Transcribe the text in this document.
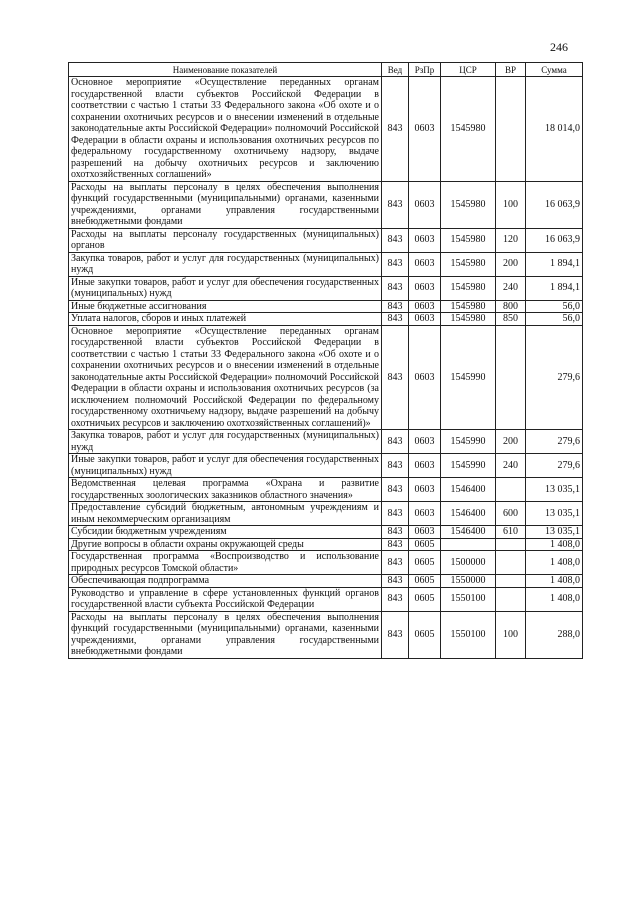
246
Наименование показателей	Вед	РзПр	ЦСР	ВР	Сумма
Основное мероприятие «Осуществление переданных органам государственной власти субъектов Российской Федерации в соответствии с частью 1 статьи 33 Федерального закона «Об охоте и о сохранении охотничьих ресурсов и о внесении изменений в отдельные законодательные акты Российской Федерации» полномочий Российской Федерации в области охраны и использования охотничьих ресурсов по федеральному государственному охотничьему надзору, выдаче разрешений на добычу охотничьих ресурсов и заключению охотхозяйственных соглашений»	843	0603	1545980		18 014,0
Расходы на выплаты персоналу в целях обеспечения выполнения функций государственными (муниципальными) органами, казенными учреждениями, органами управления государственными внебюджетными фондами	843	0603	1545980	100	16 063,9
Расходы на выплаты персоналу государственных (муниципальных) органов	843	0603	1545980	120	16 063,9
Закупка товаров, работ и услуг для государственных (муниципальных) нужд	843	0603	1545980	200	1 894,1
Иные закупки товаров, работ и услуг для обеспечения государственных (муниципальных) нужд	843	0603	1545980	240	1 894,1
Иные бюджетные ассигнования	843	0603	1545980	800	56,0
Уплата налогов, сборов и иных платежей	843	0603	1545980	850	56,0
Основное мероприятие «Осуществление переданных органам государственной власти субъектов Российской Федерации в соответствии с частью 1 статьи 33 Федерального закона «Об охоте и о сохранении охотничьих ресурсов и о внесении изменений в отдельные законодательные акты Российской Федерации» полномочий Российской Федерации в области охраны и использования охотничьих ресурсов (за исключением полномочий Российской Федерации по федеральному государственному охотничьему надзору, выдаче разрешений на добычу охотничьих ресурсов и заключению охотхозяйственных соглашений)»	843	0603	1545990		279,6
Закупка товаров, работ и услуг для государственных (муниципальных) нужд	843	0603	1545990	200	279,6
Иные закупки товаров, работ и услуг для обеспечения государственных (муниципальных) нужд	843	0603	1545990	240	279,6
Ведомственная целевая программа «Охрана и развитие государственных зоологических заказников областного значения»	843	0603	1546400		13 035,1
Предоставление субсидий бюджетным, автономным учреждениям и иным некоммерческим организациям	843	0603	1546400	600	13 035,1
Субсидии бюджетным учреждениям	843	0603	1546400	610	13 035,1
Другие вопросы в области охраны окружающей среды	843	0605			1 408,0
Государственная программа «Воспроизводство и использование природных ресурсов Томской области»	843	0605	1500000		1 408,0
Обеспечивающая подпрограмма	843	0605	1550000		1 408,0
Руководство и управление в сфере установленных функций органов государственной власти субъекта Российской Федерации	843	0605	1550100		1 408,0
Расходы на выплаты персоналу в целях обеспечения выполнения функций государственными (муниципальными) органами, казенными учреждениями, органами управления государственными внебюджетными фондами	843	0605	1550100	100	288,0
